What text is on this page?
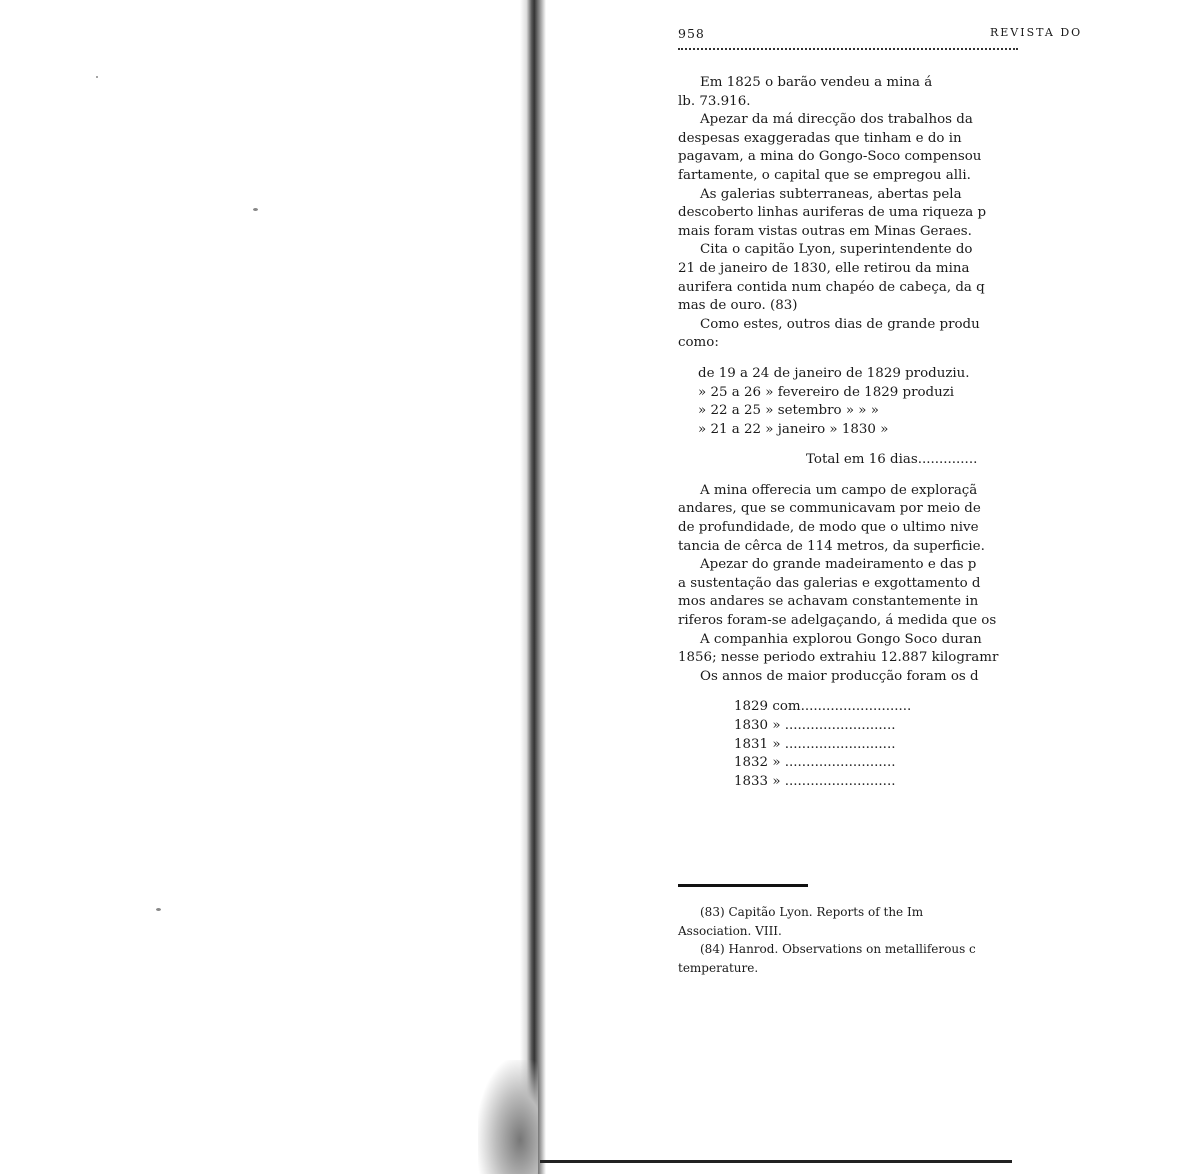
958	REVISTA DO
Em 1825 o barão vendeu a mina á
lb. 73.916.
Apezar da má direcção dos trabalhos da
despesas exaggeradas que tinham e do in
pagavam, a mina do Gongo-Soco compensou
fartamente, o capital que se empregou alli.
As galerias subterraneas, abertas pela
descoberto linhas auriferas de uma riqueza p
mais foram vistas outras em Minas Geraes.
Cita o capitão Lyon, superintendente do
21 de janeiro de 1830, elle retirou da mina
aurifera contida num chapéo de cabeça, da q
mas de ouro. (83)
Como estes, outros dias de grande produ
como:
de 19 a 24 de janeiro de 1829 produziu.
» 25 a 26 » fevereiro de 1829 produzi
» 22 a 25 » setembro » » »
» 21 a 22 » janeiro » 1830 »
Total em 16 dias..............
A mina offerecia um campo de exploraçã
andares, que se communicavam por meio de
de profundidade, de modo que o ultimo nive
tancia de cêrca de 114 metros, da superficie.
Apezar do grande madeiramento e das p
a sustentação das galerias e exgottamento d
mos andares se achavam constantemente in
riferos foram-se adelgaçando, á medida que os
A companhia explorou Gongo Soco duran
1856; nesse periodo extrahiu 12.887 kilogramr
Os annos de maior producção foram os d
1829 com..........................
1830 » ..........................
1831 » ..........................
1832 » ..........................
1833 » ..........................
(83) Capitão Lyon. Reports of the Im
Association. VIII.
(84) Hanrod. Observations on metalliferous c
temperature.
